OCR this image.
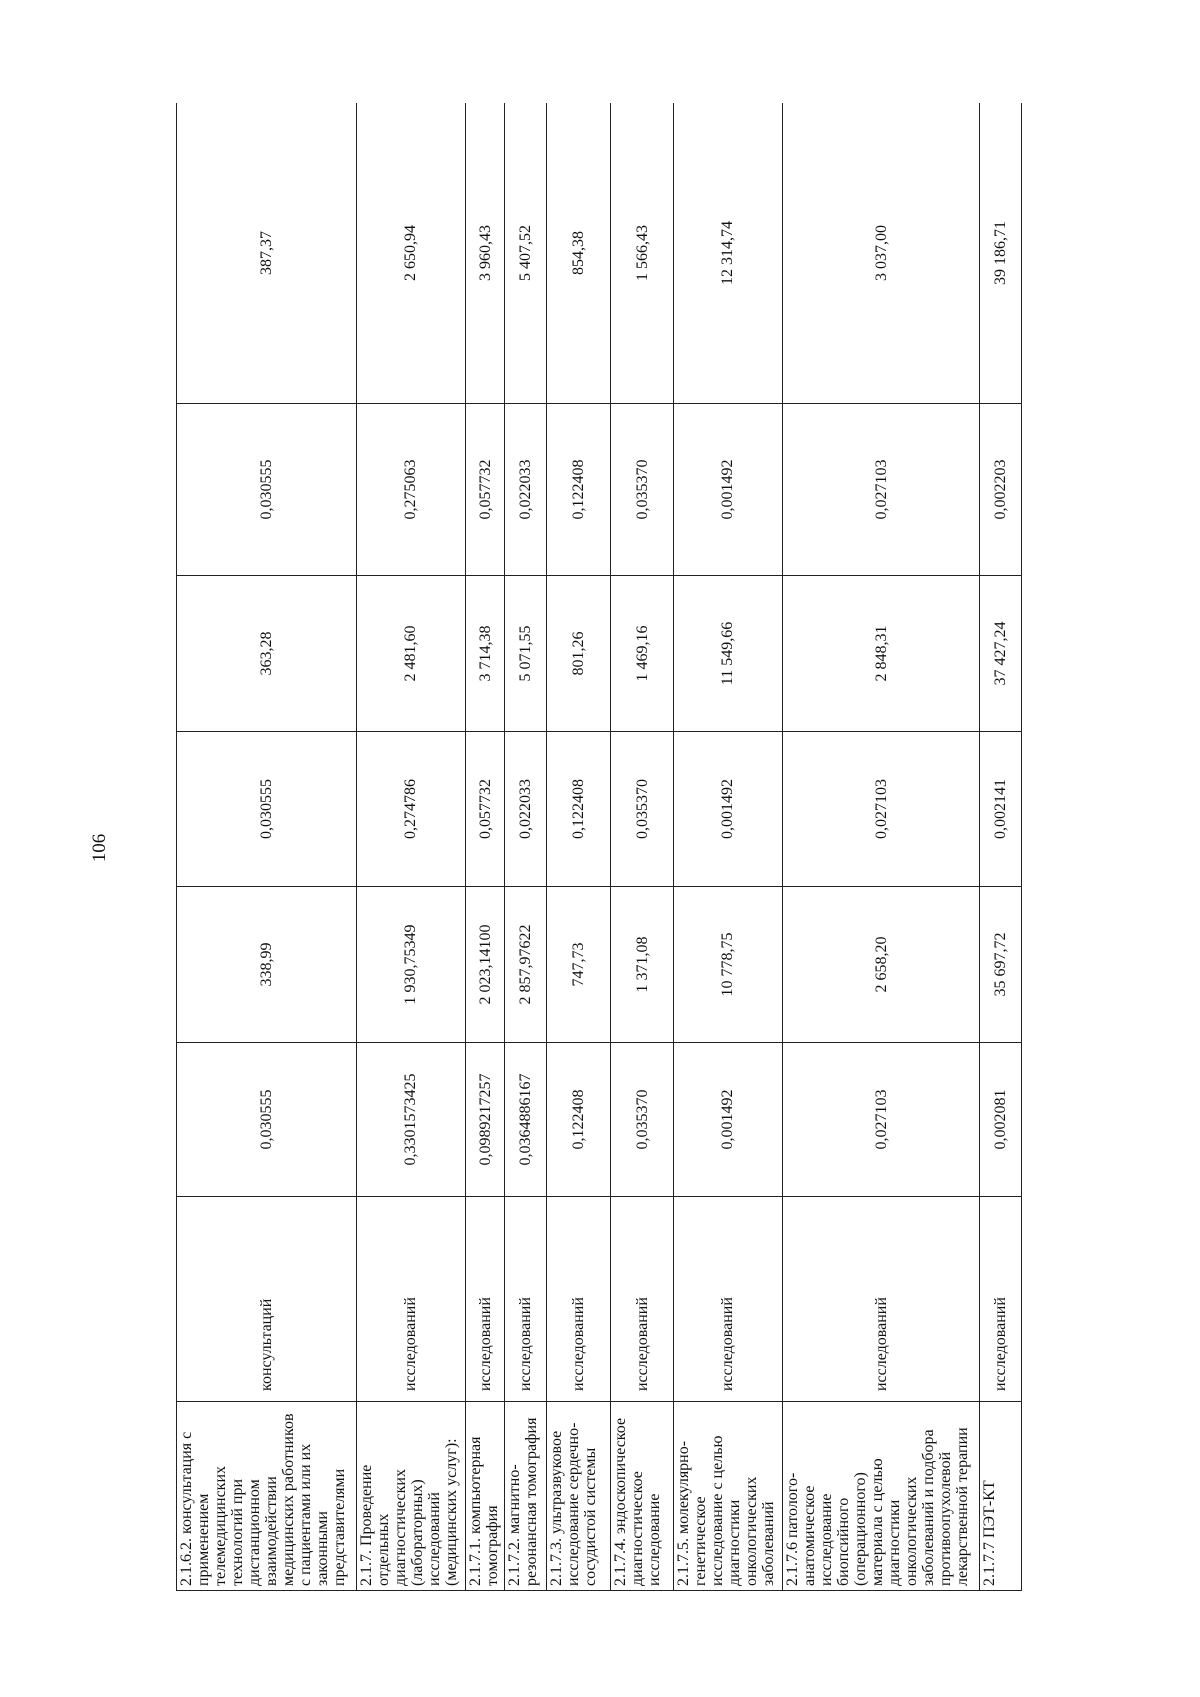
106
2.1.6.2. консультация с применением телемедицинских технологий при дистанционном взаимодействии медицинских работников с пациентами или их законными представителями	консультаций	0,030555	338,99	0,030555	363,28	0,030555	387,37
2.1.7. Проведение отдельных диагностических (лабораторных) исследований (медицинских услуг):	исследований	0,3301573425	1 930,75349	0,274786	2 481,60	0,275063	2 650,94
2.1.7.1. компьютерная томография	исследований	0,0989217257	2 023,14100	0,057732	3 714,38	0,057732	3 960,43
2.1.7.2. магнитно-резонансная томография	исследований	0,0364886167	2 857,97622	0,022033	5 071,55	0,022033	5 407,52
2.1.7.3. ультразвуковое исследование сердечно-сосудистой системы	исследований	0,122408	747,73	0,122408	801,26	0,122408	854,38
2.1.7.4. эндоскопическое диагностическое исследование	исследований	0,035370	1 371,08	0,035370	1 469,16	0,035370	1 566,43
2.1.7.5. молекулярно-генетическое исследование с целью диагностики онкологических заболеваний	исследований	0,001492	10 778,75	0,001492	11 549,66	0,001492	12 314,74
2.1.7.6 патолого-анатомическое исследование биопсийного (операционного) материала с целью диагностики онкологических заболеваний и подбора противоопухолевой лекарственной терапии	исследований	0,027103	2 658,20	0,027103	2 848,31	0,027103	3 037,00
2.1.7.7 ПЭТ-КТ	исследований	0,002081	35 697,72	0,002141	37 427,24	0,002203	39 186,71
